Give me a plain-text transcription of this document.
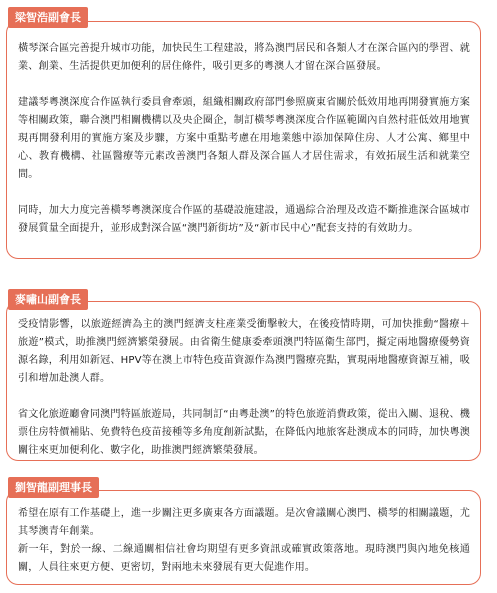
橫琴深合區完善提升城市功能，加快民生工程建設，將為澳門居民和各類人才在深合區內的學習、就業、創業、生活提供更加便利的居住條件，吸引更多的粵澳人才留在深合區發展。

建議琴粵澳深度合作區執行委員會牽頭，組織相關政府部門參照廣東省關於低效用地再開發實施方案等相關政策，聯合澳門相關機構以及央企圈企，制訂橫琴粵澳深度合作區範圍內自然村莊低效用地實現再開發利用的實施方案及步驟，方案中重點考慮在用地業態中添加保障住房、人才公寓、鄉里中心、教育機構、社區醫療等元素改善澳門各類人群及深合區人才居住需求，有效拓展生活和就業空間。

同時，加大力度完善橫琴粵澳深度合作區的基礎設施建設，通過綜合治理及改造不斷推進深合區城市發展質量全面提升，並形成對深合區“澳門新街坊”及“新市民中心”配套支持的有效助力。

梁智浩副會長

受疫情影響，以旅遊經濟為主的澳門經濟支柱產業受衝擊較大，在後疫情時期，可加快推動“醫療＋旅遊”模式，助推澳門經濟繁榮發展。由省衛生健康委牽頭澳門特區衛生部門，擬定兩地醫療優勢資源名錄，利用如新冠、HPV等在澳上市特色疫苗資源作為澳門醫療亮點，實現兩地醫療資源互補，吸引和增加赴澳人群。

省文化旅遊廳會同澳門特區旅遊局，共同制訂“由粵赴澳”的特色旅遊消費政策，從出入關、退稅、機票住房特價補貼、免費特色疫苗接種等多角度創新試點，在降低內地旅客赴澳成本的同時，加快粵澳關往來更加便利化、數字化，助推澳門經濟繁榮發展。

麥嘯山副會長

希望在原有工作基礎上，進一步關注更多廣東各方面議題。是次會議關心澳門、橫琴的相關議題，尤其琴澳青年創業。

新一年，對於一線、二線通關相信社會均期望有更多資訊或確實政策落地。現時澳門與內地免核通關，人員往來更方便、更密切，對兩地未來發展有更大促進作用。

劉智龍副理事長
